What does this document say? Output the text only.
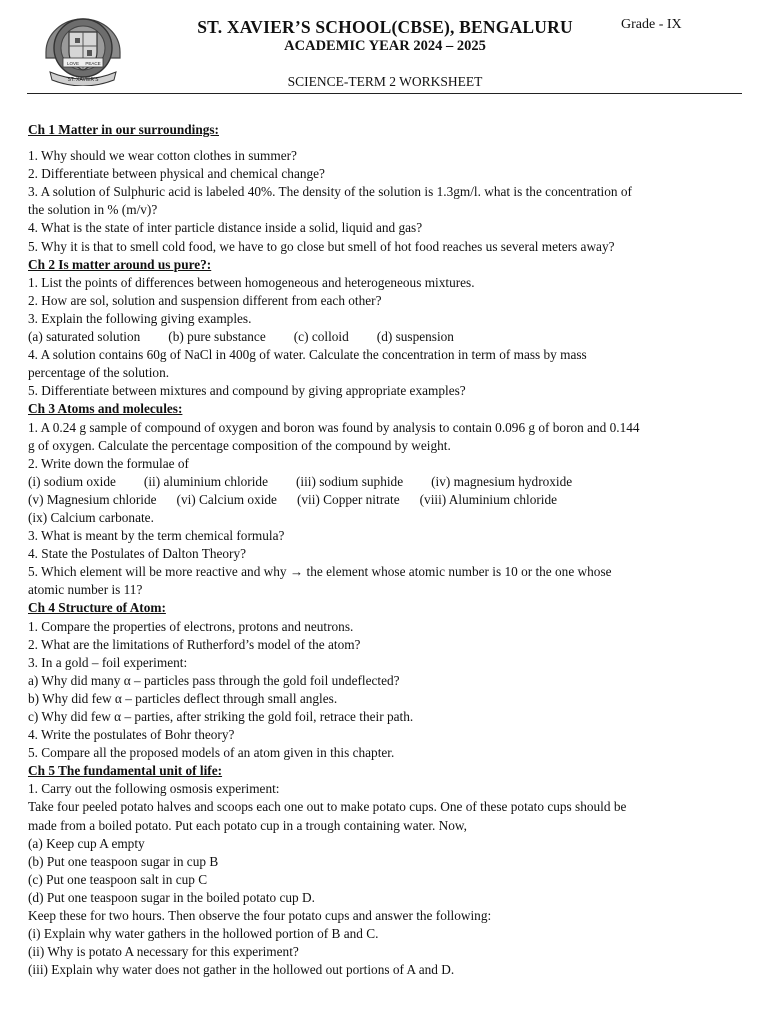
LOVE PEACE
ST. XAVIER'S
ST. XAVIER’S SCHOOL(CBSE), BENGALURU
ACADEMIC YEAR 2024 – 2025
Grade - IX
SCIENCE-TERM 2 WORKSHEET
Ch 1 Matter in our surroundings:
1. Why should we wear cotton clothes in summer?
2. Differentiate between physical and chemical change?
3. A solution of Sulphuric acid is labeled 40%. The density of the solution is 1.3gm/l. what is the concentration of
the solution in % (m/v)?
4. What is the state of inter particle distance inside a solid, liquid and gas?
5. Why it is that to smell cold food, we have to go close but smell of hot food reaches us several meters away?
Ch 2 Is matter around us pure?:
1. List the points of differences between homogeneous and heterogeneous mixtures.
2. How are sol, solution and suspension different from each other?
3. Explain the following giving examples.
(a) saturated solution (b) pure substance (c) colloid (d) suspension
4. A solution contains 60g of NaCl in 400g of water. Calculate the concentration in term of mass by mass
percentage of the solution.
5. Differentiate between mixtures and compound by giving appropriate examples?
Ch 3 Atoms and molecules:
1. A 0.24 g sample of compound of oxygen and boron was found by analysis to contain 0.096 g of boron and 0.144
g of oxygen. Calculate the percentage composition of the compound by weight.
2. Write down the formulae of
(i) sodium oxide (ii) aluminium chloride (iii) sodium suphide (iv) magnesium hydroxide
(v) Magnesium chloride (vi) Calcium oxide (vii) Copper nitrate (viii) Aluminium chloride
(ix) Calcium carbonate.
3. What is meant by the term chemical formula?
4. State the Postulates of Dalton Theory?
5. Which element will be more reactive and why → the element whose atomic number is 10 or the one whose
atomic number is 11?
Ch 4 Structure of Atom:
1. Compare the properties of electrons, protons and neutrons.
2. What are the limitations of Rutherford’s model of the atom?
3. In a gold – foil experiment:
a) Why did many α – particles pass through the gold foil undeflected?
b) Why did few α – particles deflect through small angles.
c) Why did few α – parties, after striking the gold foil, retrace their path.
4. Write the postulates of Bohr theory?
5. Compare all the proposed models of an atom given in this chapter.
Ch 5 The fundamental unit of life:
1. Carry out the following osmosis experiment:
Take four peeled potato halves and scoops each one out to make potato cups. One of these potato cups should be
made from a boiled potato. Put each potato cup in a trough containing water. Now,
(a) Keep cup A empty
(b) Put one teaspoon sugar in cup B
(c) Put one teaspoon salt in cup C
(d) Put one teaspoon sugar in the boiled potato cup D.
Keep these for two hours. Then observe the four potato cups and answer the following:
(i) Explain why water gathers in the hollowed portion of B and C.
(ii) Why is potato A necessary for this experiment?
(iii) Explain why water does not gather in the hollowed out portions of A and D.
